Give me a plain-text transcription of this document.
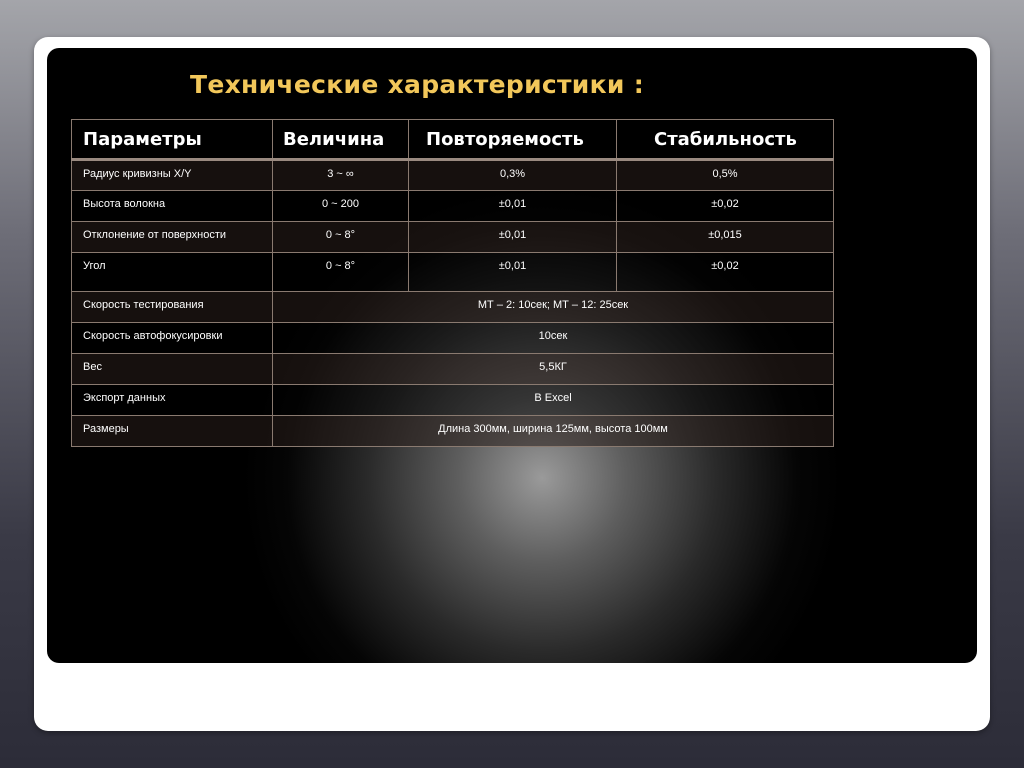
Технические характеристики :
Параметры	Величина	Повторяемость	Стабильность
Радиус кривизны X/Y	3 ~ ∞	0,3%	0,5%
Высота волокна	0 ~ 200	±0,01	±0,02
Отклонение от поверхности	0 ~ 8°	±0,01	±0,015
Угол	0 ~ 8°	±0,01	±0,02
Скорость тестирования	МТ – 2: 10сек; МТ – 12: 25сек		
Скорость автофокусировки	10сек		
Вес	5,5КГ		
Экспорт данных	В Excel		
Размеры	Длина 300мм, ширина 125мм, высота 100мм		
